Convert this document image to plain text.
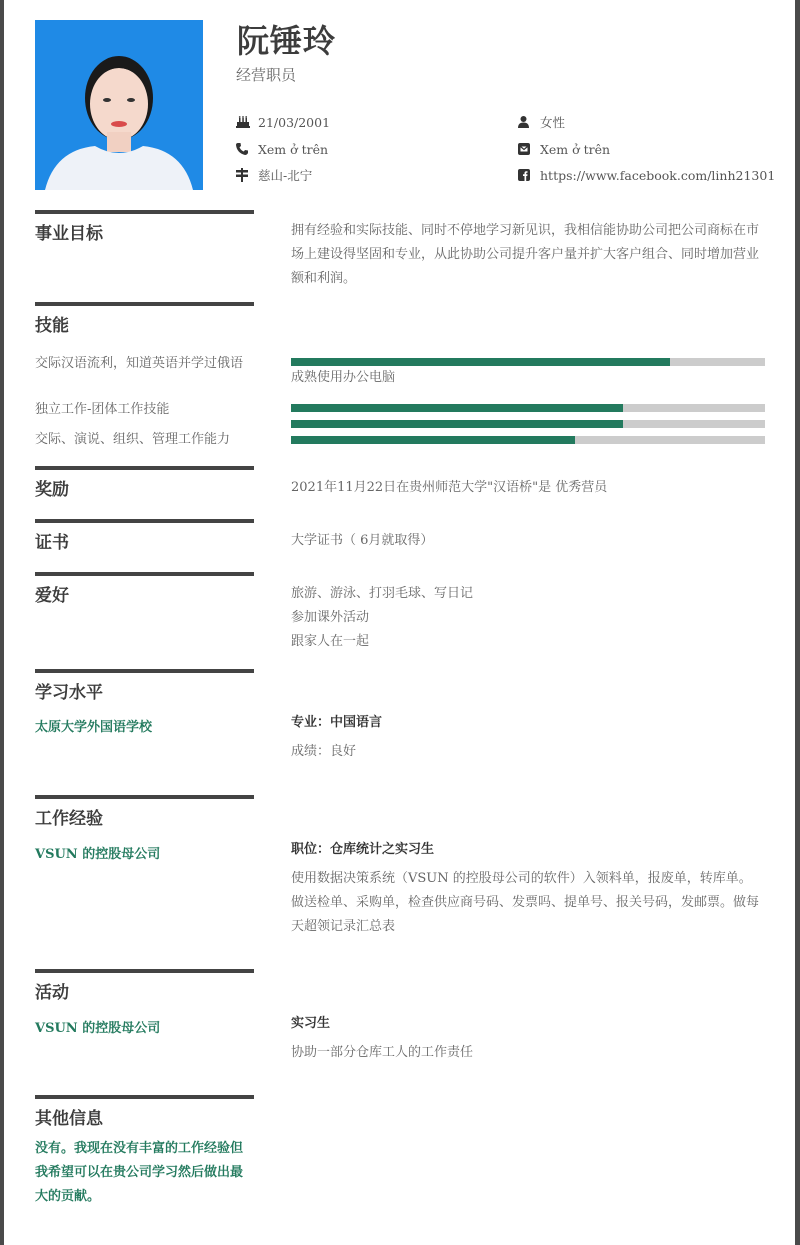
阮锤玲
经营职员
21/03/2001
Xem ở trên
慈山-北宁
女性
Xem ở trên
https://www.facebook.com/linh21301
事业目标	拥有经验和实际技能、同时不停地学习新见识，我相信能协助公司把公司商标在市场上建设得坚固和专业，从此协助公司提升客户量并扩大客户组合、同时增加营业额和利润。
技能
交际汉语流利，知道英语并学过俄语
成熟使用办公电脑
独立工作-团体工作技能
交际、演说、组织、管理工作能力
奖励	2021年11月22日在贵州师范大学"汉语桥"是 优秀营员
证书	大学证书（ 6月就取得）
爱好	旅游、游泳、打羽毛球、写日记
参加课外活动
跟家人在一起
学习水平
太原大学外国语学校	专业：中国语言
成绩：良好
工作经验
VSUN 的控股母公司	职位：仓库统计之实习生
使用数据决策系统（VSUN 的控股母公司的软件）入领料单，报废单，转库单。做送检单、采购单，检查供应商号码、发票吗、提单号、报关号码，发邮票。做每天超领记录汇总表
活动
VSUN 的控股母公司	实习生
协助一部分仓库工人的工作责任
其他信息
没有。我现在没有丰富的工作经验但我希望可以在贵公司学习然后做出最大的贡献。
